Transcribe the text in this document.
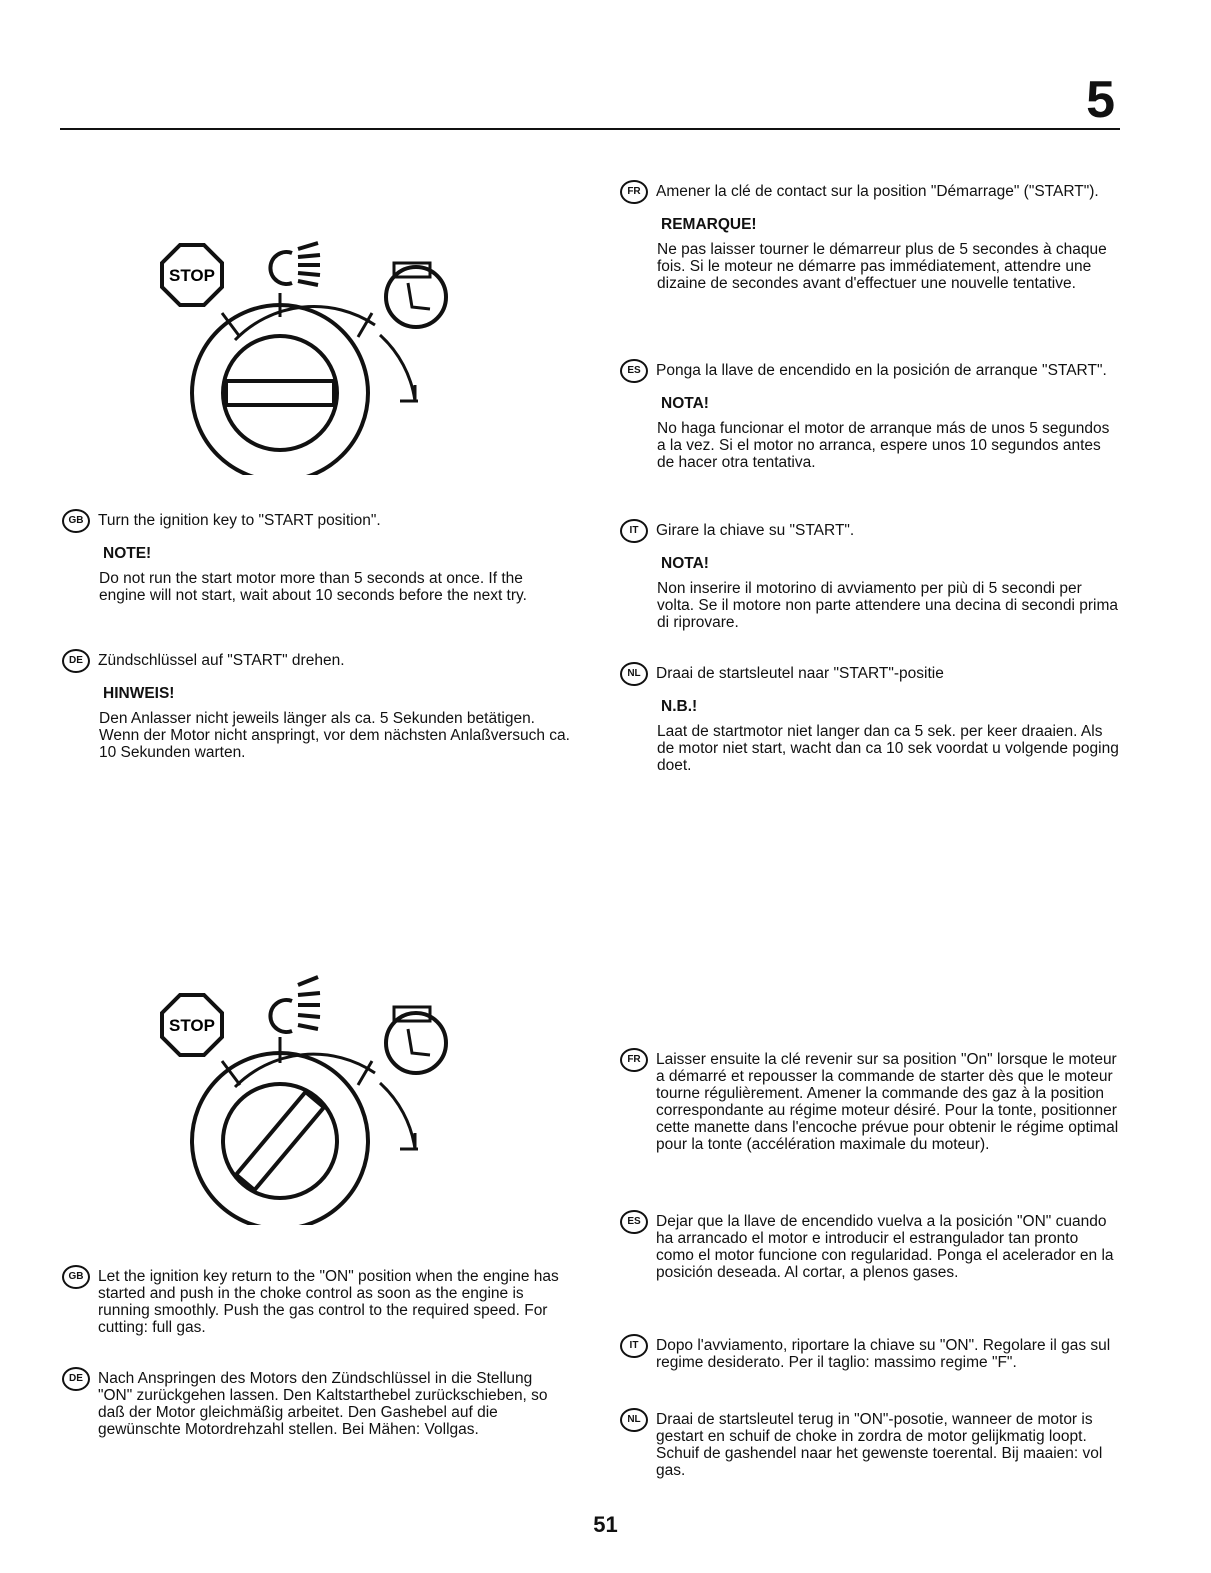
5
STOP
STOP
GB Turn the ignition key to "START position".
NOTE!
Do not run the start motor more than 5 seconds at once. If the engine will not start, wait about 10 seconds before the next try.
DE Zündschlüssel auf "START" drehen.
HINWEIS!
Den Anlasser nicht jeweils länger als ca. 5 Sekunden betätigen. Wenn der Motor nicht anspringt, vor dem nächsten Anlaßversuch ca. 10 Sekunden warten.
FR Amener la clé de contact sur la position "Démarrage" ("START").
REMARQUE!
Ne pas laisser tourner le démarreur plus de 5 secondes à chaque fois. Si le moteur ne démarre pas immédiatement, attendre une dizaine de secondes avant d'effectuer une nouvelle tentative.
ES Ponga la llave de encendido en la posición de arranque "START".
NOTA!
No haga funcionar el motor de arranque más de unos 5 segundos a la vez. Si el motor no arranca, espere unos 10 segundos antes de hacer otra tentativa.
IT	Girare la chiave su "START".
NOTA!
Non inserire il motorino di avviamento per più di 5 secondi per volta. Se il motore non parte attendere una decina di secondi prima di riprovare.
NL Draai de startsleutel naar "START"-positie
N.B.!
Laat de startmotor niet langer dan ca 5 sek. per keer draaien. Als de motor niet start, wacht dan ca 10 sek voordat u volgende poging doet.
GB Let the ignition key return to the "ON" position when the engine has started and push in the choke control as soon as the engine is running smoothly. Push the gas control to the required speed. For cutting: full gas.
DE Nach Anspringen des Motors den Zündschlüssel in die Stellung "ON" zurückgehen lassen. Den Kaltstarthebel zurückschieben, so daß der Motor gleichmäßig arbeitet. Den Gashebel auf die gewünschte Motordrehzahl stellen. Bei Mähen: Vollgas.
FR Laisser ensuite la clé revenir sur sa position "On" lorsque le moteur a démarré et repousser la commande de starter dès que le moteur tourne régulièrement. Amener la commande des gaz à la position correspondante au régime moteur désiré. Pour la tonte, positionner cette manette dans l'encoche prévue pour obtenir le régime optimal pour la tonte (accélération maximale du moteur).
ES Dejar que la llave de encendido vuelva a la posición "ON" cuando ha arrancado el motor e introducir el estrangulador tan pronto como el motor funcione con regularidad. Ponga el acelerador en la posición deseada. Al cortar, a plenos gases.
IT	Dopo l'avviamento, riportare la chiave su "ON". Regolare il gas sul regime desiderato. Per il taglio: massimo regime "F".
NL Draai de startsleutel terug in "ON"-posotie, wanneer de motor is gestart en schuif de choke in zordra de motor gelijkmatig loopt. Schuif de gashendel naar het gewenste toerental. Bij maaien: vol gas.
51
